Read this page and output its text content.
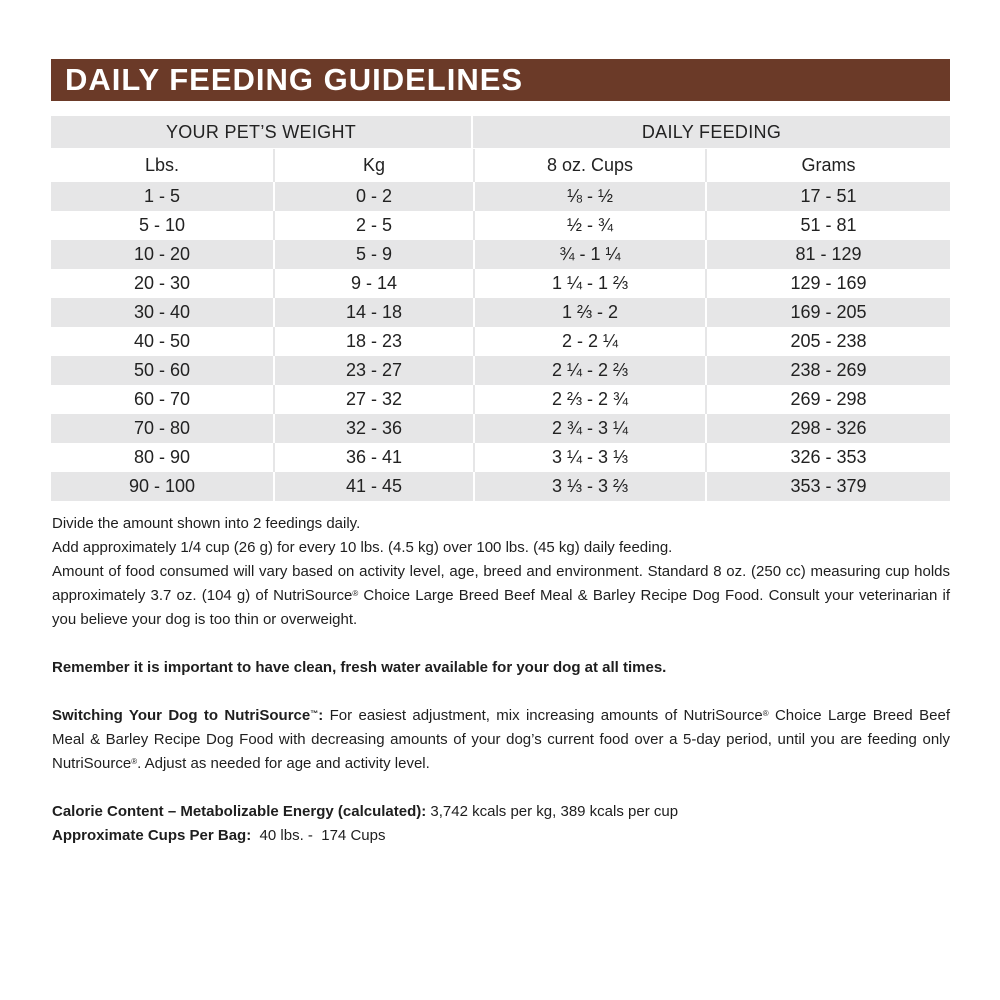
DAILY FEEDING GUIDELINES
YOUR PET’S WEIGHT		DAILY FEEDING	
Lbs.	Kg	8 oz. Cups	Grams
1 - 5	0 - 2	⅛ - ½	17 - 51
5 - 10	2 - 5	½ - ¾	51 - 81
10 - 20	5 - 9	¾ - 1 ¼	81 - 129
20 - 30	9 - 14	1 ¼ - 1 ⅔	129 - 169
30 - 40	14 - 18	1 ⅔ - 2	169 - 205
40 - 50	18 - 23	2 - 2 ¼	205 - 238
50 - 60	23 - 27	2 ¼ - 2 ⅔	238 - 269
60 - 70	27 - 32	2 ⅔ - 2 ¾	269 - 298
70 - 80	32 - 36	2 ¾ - 3 ¼	298 - 326
80 - 90	36 - 41	3 ¼ - 3 ⅓	326 - 353
90 - 100	41 - 45	3 ⅓ - 3 ⅔	353 - 379

Divide the amount shown into 2 feedings daily.

Add approximately 1/4 cup (26 g) for every 10 lbs. (4.5 kg) over 100 lbs. (45 kg) daily feeding.

Amount of food consumed will vary based on activity level, age, breed and environment. Standard 8 oz. (250 cc) measuring cup holds approximately 3.7 oz. (104 g) of NutriSource® Choice Large Breed Beef Meal & Barley Recipe Dog Food. Consult your veterinarian if you believe your dog is too thin or overweight.

Remember it is important to have clean, fresh water available for your dog at all times.

Switching Your Dog to NutriSource™: For easiest adjustment, mix increasing amounts of NutriSource® Choice Large Breed Beef Meal & Barley Recipe Dog Food with decreasing amounts of your dog’s current food over a 5-day period, until you are feeding only NutriSource®. Adjust as needed for age and activity level.

Calorie Content – Metabolizable Energy (calculated): 3,742 kcals per kg, 389 kcals per cup

Approximate Cups Per Bag:  40 lbs. -  174 Cups
